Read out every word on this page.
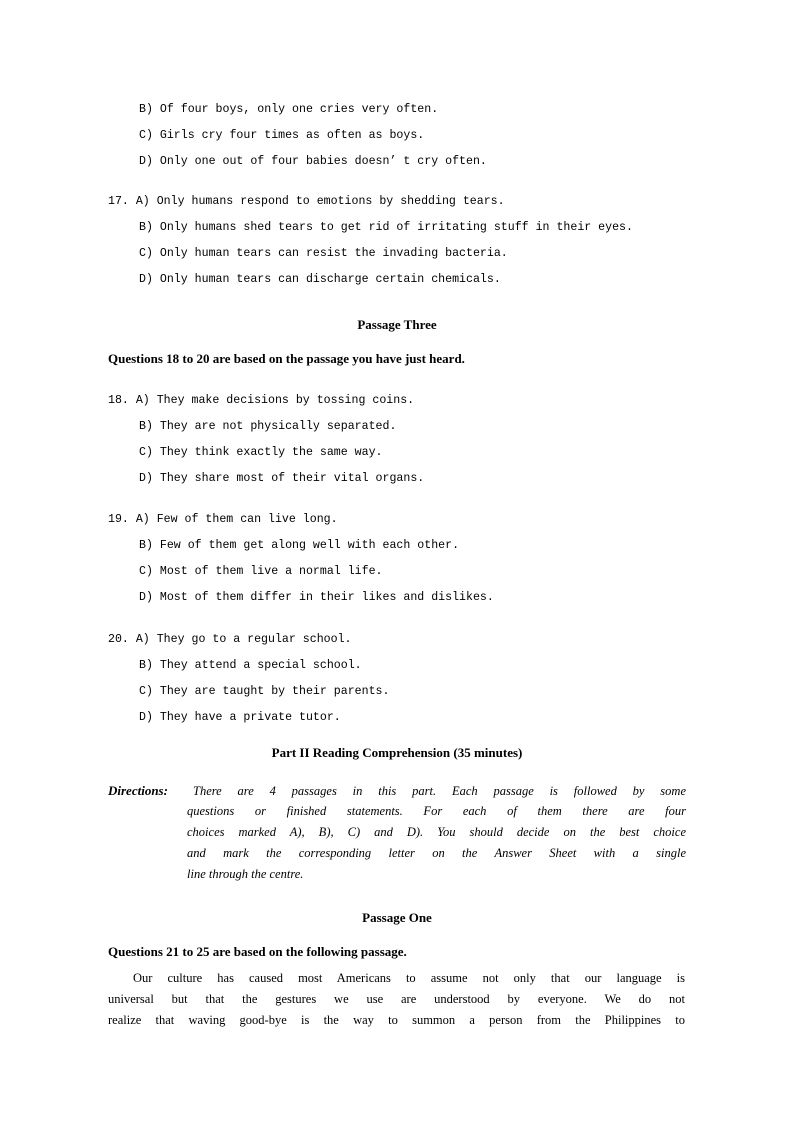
B) Of four boys, only one cries very often.
C) Girls cry four times as often as boys.
D) Only one out of four babies doesn’ t cry often.
17. A) Only humans respond to emotions by shedding tears.
B) Only humans shed tears to get rid of irritating stuff in their eyes.
C) Only human tears can resist the invading bacteria.
D) Only human tears can discharge certain chemicals.
Passage Three
Questions 18 to 20 are based on the passage you have just heard.
18. A) They make decisions by tossing coins.
B) They are not physically separated.
C) They think exactly the same way.
D) They share most of their vital organs.
19. A) Few of them can live long.
B) Few of them get along well with each other.
C) Most of them live a normal life.
D) Most of them differ in their likes and dislikes.
20. A) They go to a regular school.
B) They attend a special school.
C) They are taught by their parents.
D) They have a private tutor.
Part II Reading Comprehension (35 minutes)
Directions: There are 4 passages in this part. Each passage is followed by some
questions or finished statements. For each of them there are four
choices marked A), B), C) and D). You should decide on the best choice
and mark the corresponding letter on the Answer Sheet with a single
line through the centre.
Passage One
Questions 21 to 25 are based on the following passage.
Our culture has caused most Americans to assume not only that our language is
universal but that the gestures we use are understood by everyone. We do not
realize that waving good-bye is the way to summon a person from the Philippines to
